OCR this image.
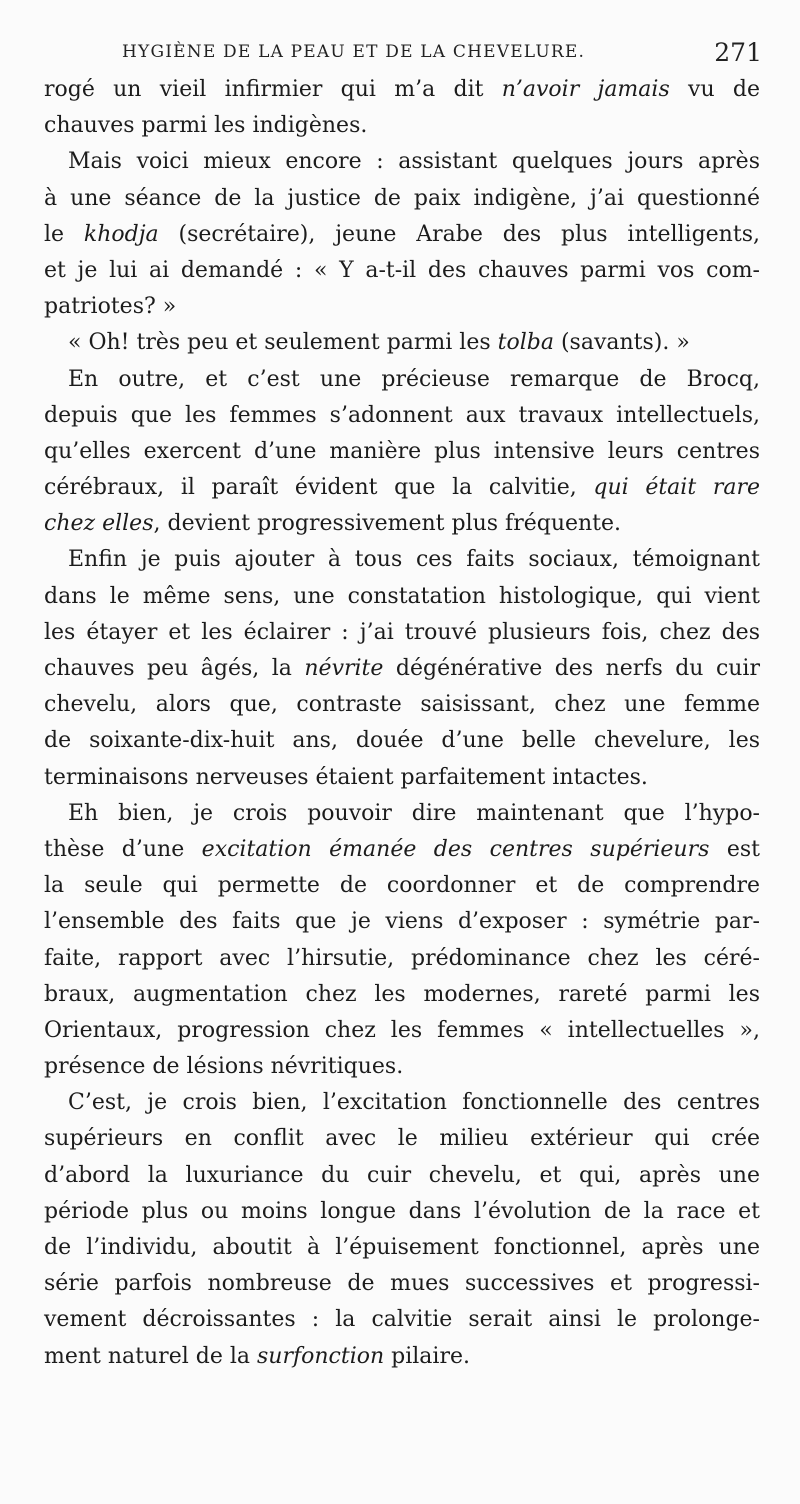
HYGIÈNE DE LA PEAU ET DE LA CHEVELURE.	271
rogé un vieil infirmier qui m’a dit n’avoir jamais vu de
chauves parmi les indigènes.
Mais voici mieux encore : assistant quelques jours après
à une séance de la justice de paix indigène, j’ai questionné
le khodja (secrétaire), jeune Arabe des plus intelligents,
et je lui ai demandé : « Y a-t-il des chauves parmi vos com-
patriotes? »
« Oh! très peu et seulement parmi les tolba (savants). »
En outre, et c’est une précieuse remarque de Brocq,
depuis que les femmes s’adonnent aux travaux intellectuels,
qu’elles exercent d’une manière plus intensive leurs centres
cérébraux, il paraît évident que la calvitie, qui était rare
chez elles, devient progressivement plus fréquente.
Enfin je puis ajouter à tous ces faits sociaux, témoignant
dans le même sens, une constatation histologique, qui vient
les étayer et les éclairer : j’ai trouvé plusieurs fois, chez des
chauves peu âgés, la névrite dégénérative des nerfs du cuir
chevelu, alors que, contraste saisissant, chez une femme
de soixante-dix-huit ans, douée d’une belle chevelure, les
terminaisons nerveuses étaient parfaitement intactes.
Eh bien, je crois pouvoir dire maintenant que l’hypo-
thèse d’une excitation émanée des centres supérieurs est
la seule qui permette de coordonner et de comprendre
l’ensemble des faits que je viens d’exposer : symétrie par-
faite, rapport avec l’hirsutie, prédominance chez les céré-
braux, augmentation chez les modernes, rareté parmi les
Orientaux, progression chez les femmes « intellectuelles »,
présence de lésions névritiques.
C’est, je crois bien, l’excitation fonctionnelle des centres
supérieurs en conflit avec le milieu extérieur qui crée
d’abord la luxuriance du cuir chevelu, et qui, après une
période plus ou moins longue dans l’évolution de la race et
de l’individu, aboutit à l’épuisement fonctionnel, après une
série parfois nombreuse de mues successives et progressi-
vement décroissantes : la calvitie serait ainsi le prolonge-
ment naturel de la surfonction pilaire.
